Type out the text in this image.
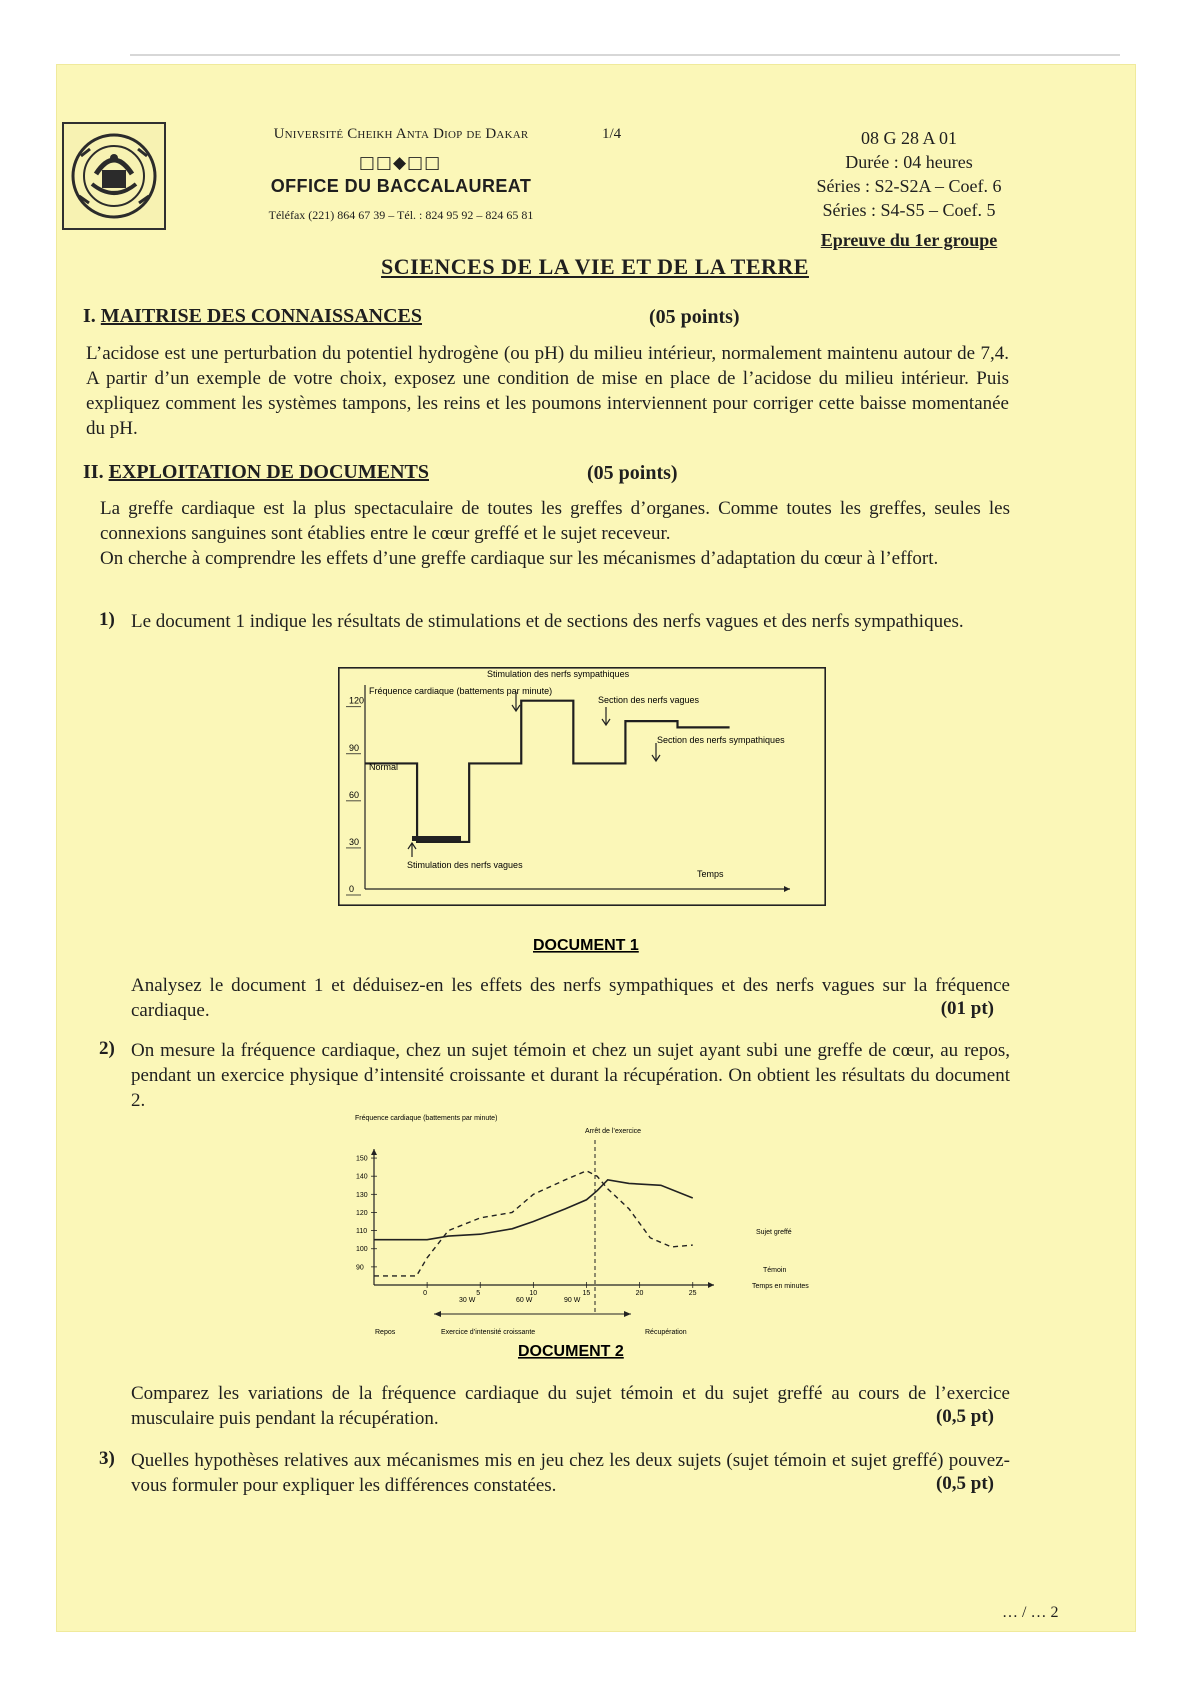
Université Cheikh Anta Diop de Dakar	1/4
□□◆□□
OFFICE DU BACCALAUREAT
Téléfax (221) 864 67 39 – Tél. : 824 95 92 – 824 65 81
08 G 28 A 01
Durée : 04 heures
Séries : S2-S2A – Coef. 6
Séries : S4-S5 – Coef. 5
Epreuve du 1er groupe
SCIENCES DE LA VIE ET DE LA TERRE
I. MAITRISE DES CONNAISSANCES	(05 points)
L’acidose est une perturbation du potentiel hydrogène (ou pH) du milieu intérieur, normalement maintenu autour de 7,4. A partir d’un exemple de votre choix, exposez une condition de mise en place de l’acidose du milieu intérieur. Puis expliquez comment les systèmes tampons, les reins et les poumons interviennent pour corriger cette baisse momentanée du pH.
II. EXPLOITATION DE DOCUMENTS	(05 points)
La greffe cardiaque est la plus spectaculaire de toutes les greffes d’organes. Comme toutes les greffes, seules les connexions sanguines sont établies entre le cœur greffé et le sujet receveur.
On cherche à comprendre les effets d’une greffe cardiaque sur les mécanismes d’adaptation du cœur à l’effort.
1) Le document 1 indique les résultats de stimulations et de sections des nerfs vagues et des nerfs sympathiques.
0
30
60
90
120
Fréquence cardiaque (battements par minute)
Normal
Stimulation des nerfs vagues
Stimulation des nerfs sympathiques
Section des nerfs vagues
Section des nerfs sympathiques
Temps
DOCUMENT 1
Analysez le document 1 et déduisez-en les effets des nerfs sympathiques et des nerfs vagues sur la fréquence cardiaque.	(01 pt)
2) On mesure la fréquence cardiaque, chez un sujet témoin et chez un sujet ayant subi une greffe de cœur, au repos, pendant un exercice physique d’intensité croissante et durant la récupération. On obtient les résultats du document 2.
90
100
110
120
130
140
150
0	5	10	15	20	25
Fréquence cardiaque (battements par minute)
Arrêt de l’exercice
Sujet greffé
Témoin
Temps en minutes
30 W	60 W	90 W
Repos	Exercice d’intensité croissante	Récupération
DOCUMENT 2
Comparez les variations de la fréquence cardiaque du sujet témoin et du sujet greffé au cours de l’exercice musculaire puis pendant la récupération.	(0,5 pt)
3) Quelles hypothèses relatives aux mécanismes mis en jeu chez les deux sujets (sujet témoin et sujet greffé) pouvez-vous formuler pour expliquer les différences constatées.	(0,5 pt)
… / … 2
